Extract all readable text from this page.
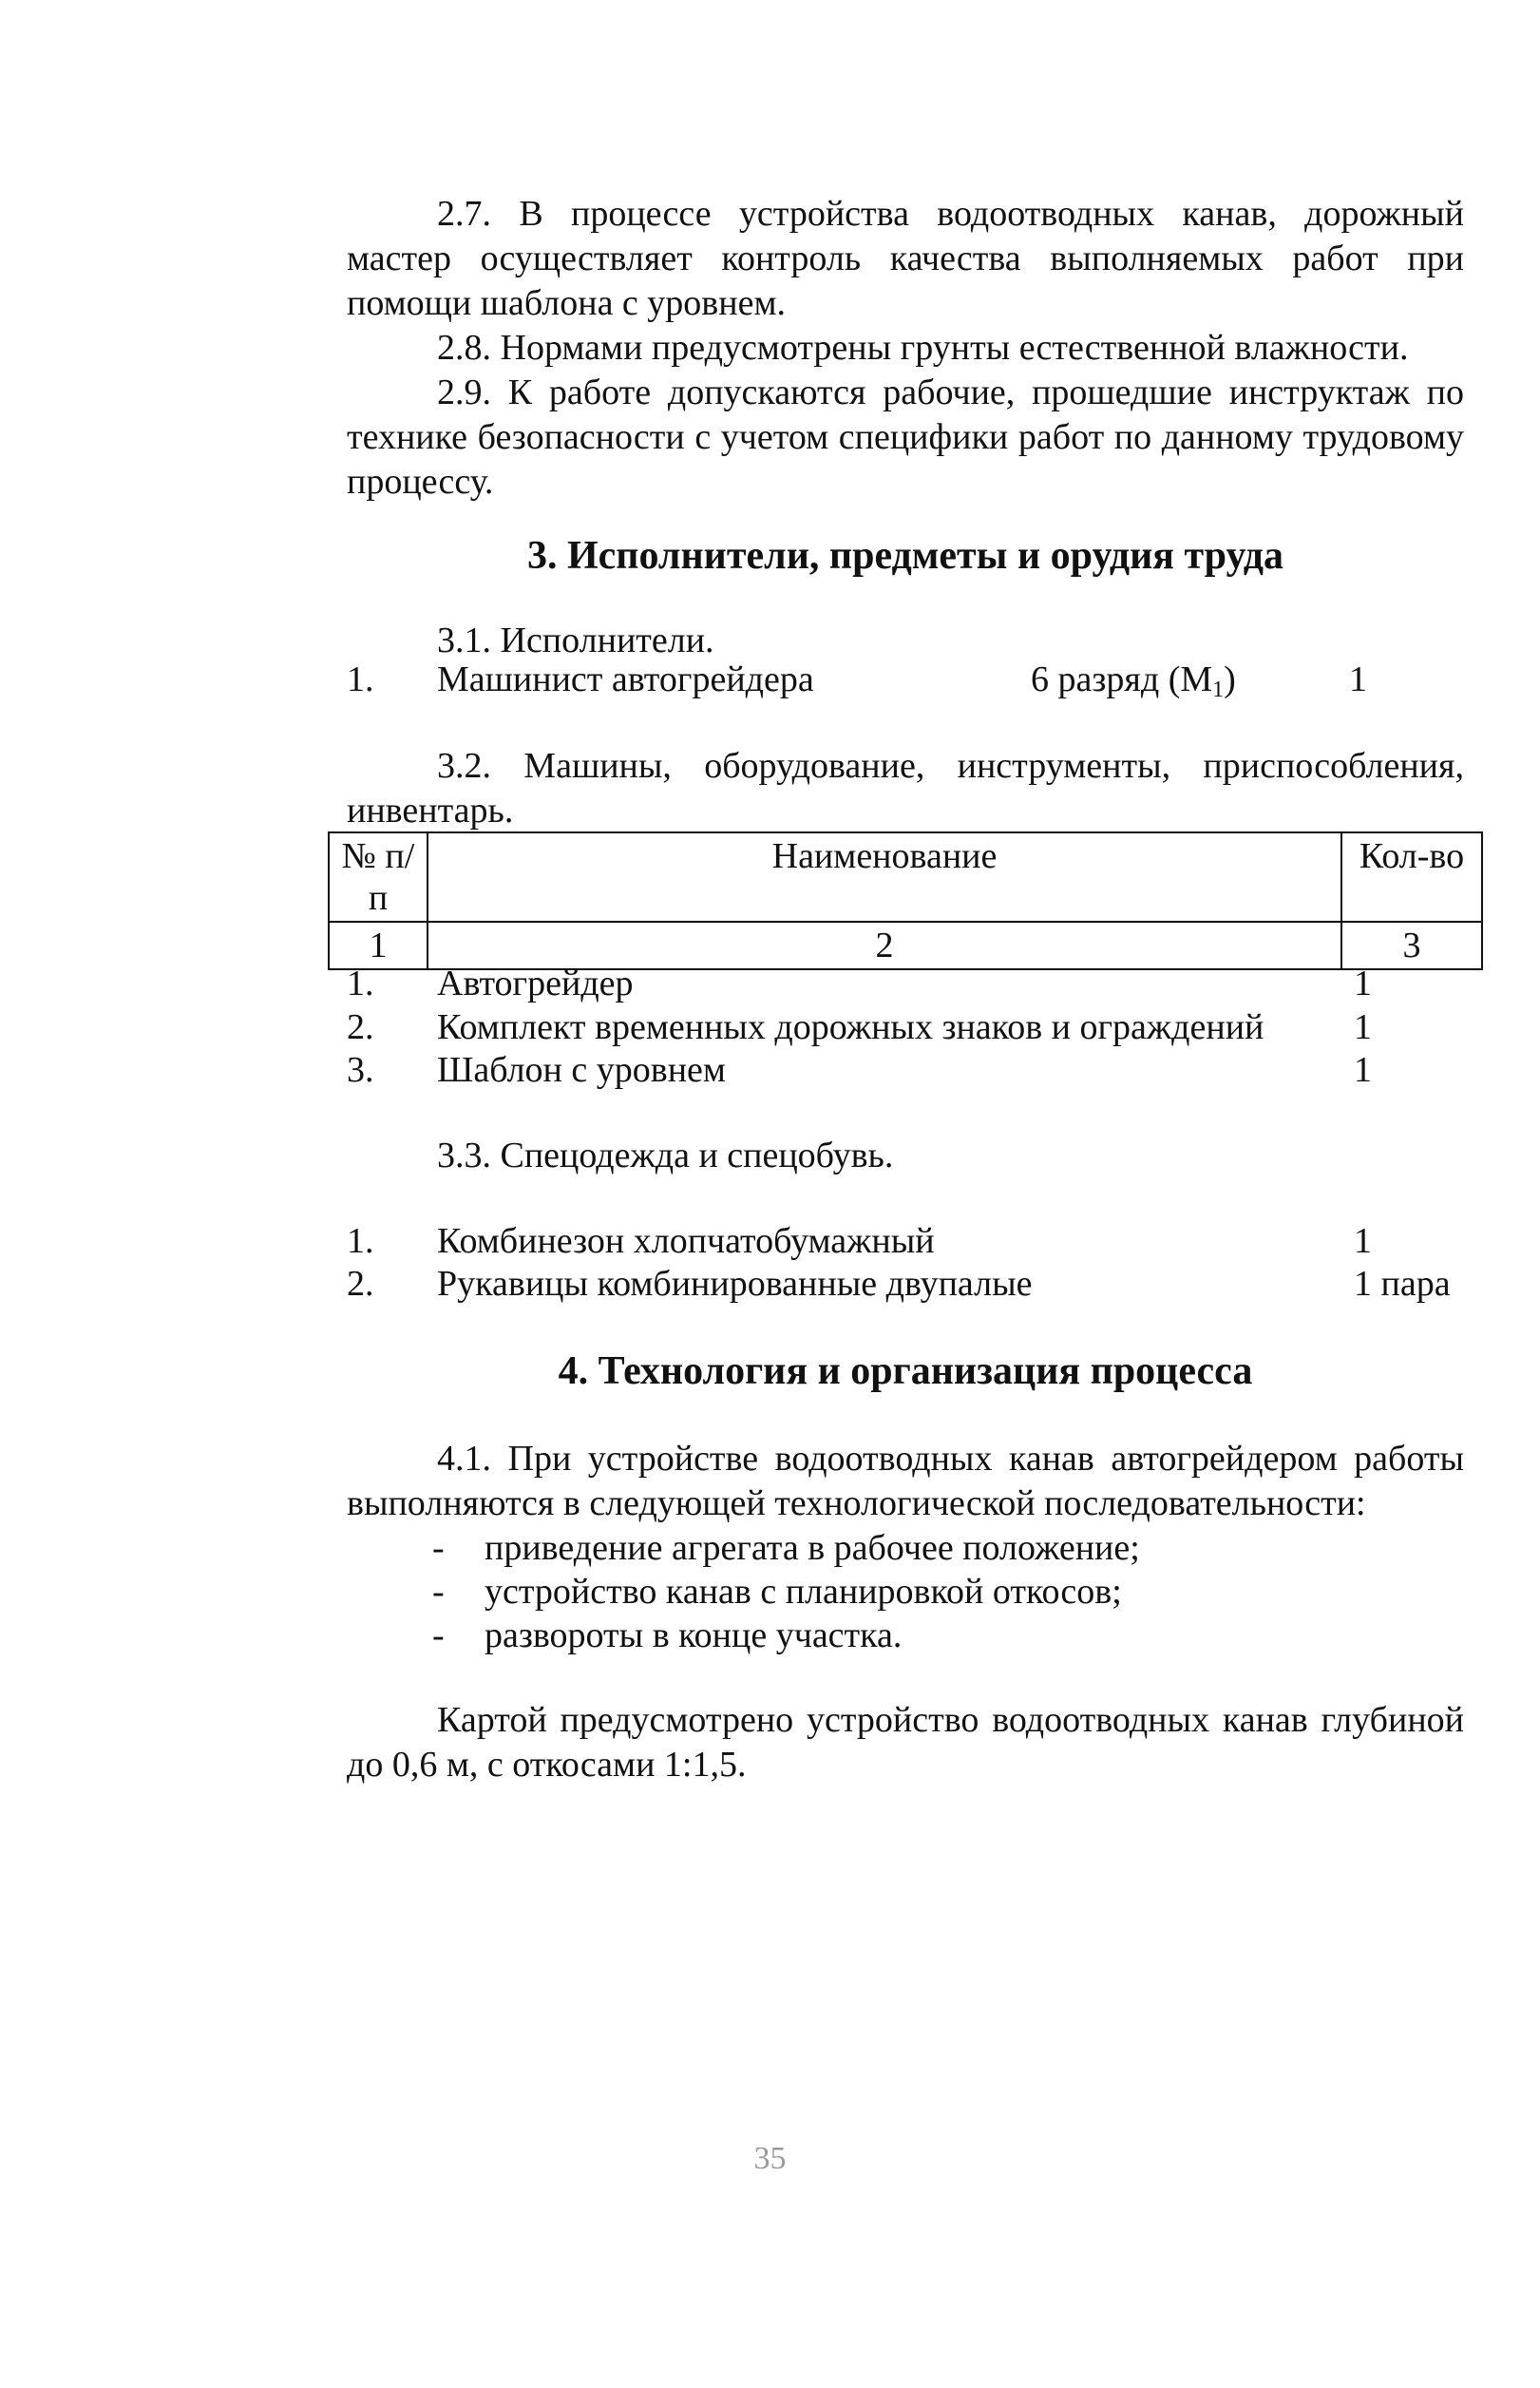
2.7. В процессе устройства водоотводных канав, дорожный мастер осуществляет контроль качества выполняемых работ при помощи шаблона с уровнем.
2.8. Нормами предусмотрены грунты естественной влажности.
2.9. К работе допускаются рабочие, прошедшие инструктаж по технике безопасности с учетом специфики работ по данному трудовому процессу.
3. Исполнители, предметы и орудия труда
3.1. Исполнители.
1. Машинист автогрейдера	6 разряд $(М_1)$	1
3.2. Машины, оборудование, инструменты, приспособления, инвентарь.
№ п/п	Наименование	Кол-во
1	2	3
1. Автогрейдер	1
2. Комплект временных дорожных знаков и ограждений 1
3. Шаблон с уровнем	1
3.3. Спецодежда и спецобувь.
1. Комбинезон хлопчатобумажный	1
2. Рукавицы комбинированные двупалые	1 пара
4. Технология и организация процесса
4.1. При устройстве водоотводных канав автогрейдером работы выполняются в следующей технологической последовательности:
- приведение агрегата в рабочее положение;
- устройство канав с планировкой откосов;
- развороты в конце участка.
Картой предусмотрено устройство водоотводных канав глубиной до 0,6 м, с откосами 1:1,5.
35
